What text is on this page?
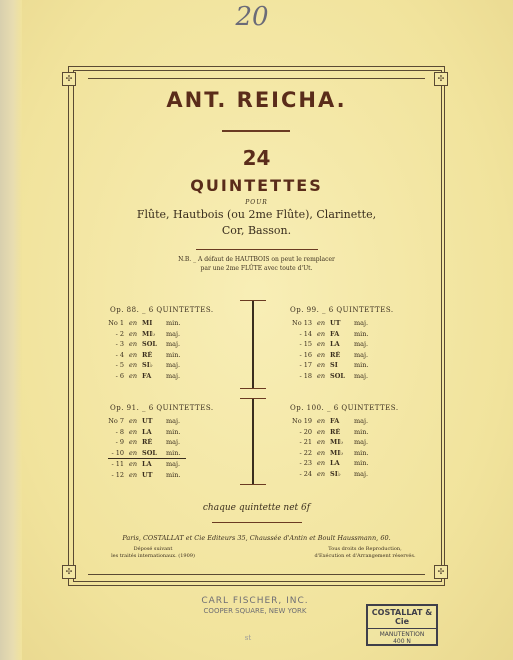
20
✣	✣
✣	✣
ANT. REICHA.
24
QUINTETTES
POUR
Flûte, Hautbois (ou 2me Flûte), Clarinette,
Cor, Basson.
N.B. _ A défaut de HAUTBOIS on peut le remplacer
par une 2me FLÛTE avec toute d'Ut.
Op. 88. _ 6 QUINTETTES.
No 1 en MI min.
- 2 en MI♭ maj.
- 3 en SOL maj.
- 4 en RÉ min.
- 5 en SI♭ maj.
- 6 en FA maj.
Op. 99. _ 6 QUINTETTES.
No 13 en UT maj.
- 14 en FA min.
- 15 en LA maj.
- 16 en RÉ maj.
- 17 en SI	min.
- 18 en SOL maj.
Op. 91. _ 6 QUINTETTES.
No 7 en UT maj.
- 8 en LA min.
- 9 en RÉ maj.
- 10 en SOL min.
- 11 en LA maj.
- 12 en UT min.
Op. 100. _ 6 QUINTETTES.
No 19 en FA maj.
- 20 en RÉ min.
- 21 en MI♭ maj.
- 22 en MI♭ min.
- 23 en LA min.
- 24 en SI♭ maj.
chaque quintette net 6f
Paris, COSTALLAT et Cie Editeurs 35, Chaussée d'Antin et Boult Haussmann, 60.
Déposé suivant
les traités internationaux. (1909)
Tous droits de Reproduction,
d'Exécution et d'Arrangement réservés.
CARL FISCHER, INC.
COOPER SQUARE, NEW YORK	COSTALLAT & Cie
MANUTENTION
400 N
st
